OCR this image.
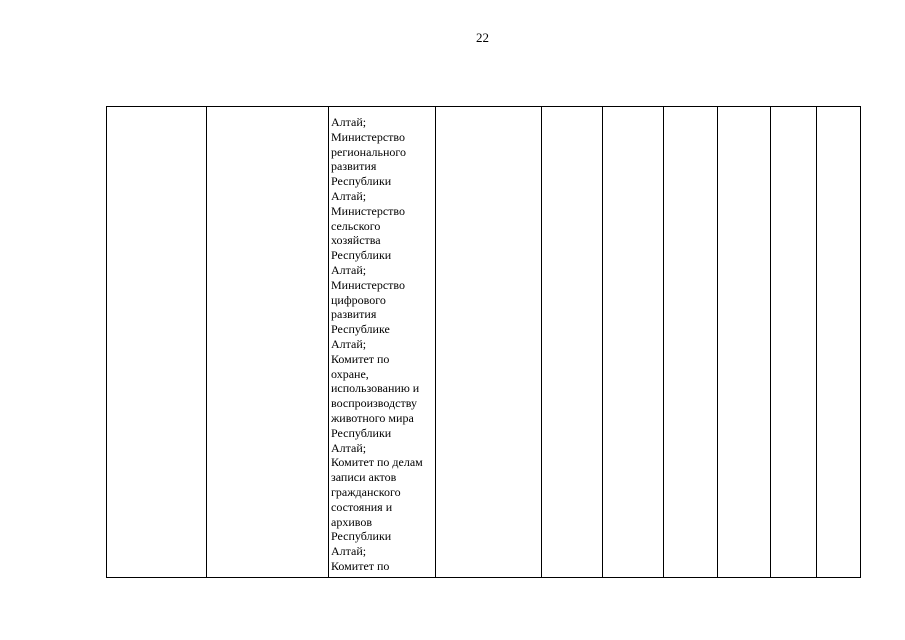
22
Алтай;
Министерство
регионального
развития
Республики
Алтай;
Министерство
сельского
хозяйства
Республики
Алтай;
Министерство
цифрового
развития
Республике
Алтай;
Комитет по
охране,
использованию и
воспроизводству
животного мира
Республики
Алтай;
Комитет по делам
записи актов
гражданского
состояния и
архивов
Республики
Алтай;
Комитет по
